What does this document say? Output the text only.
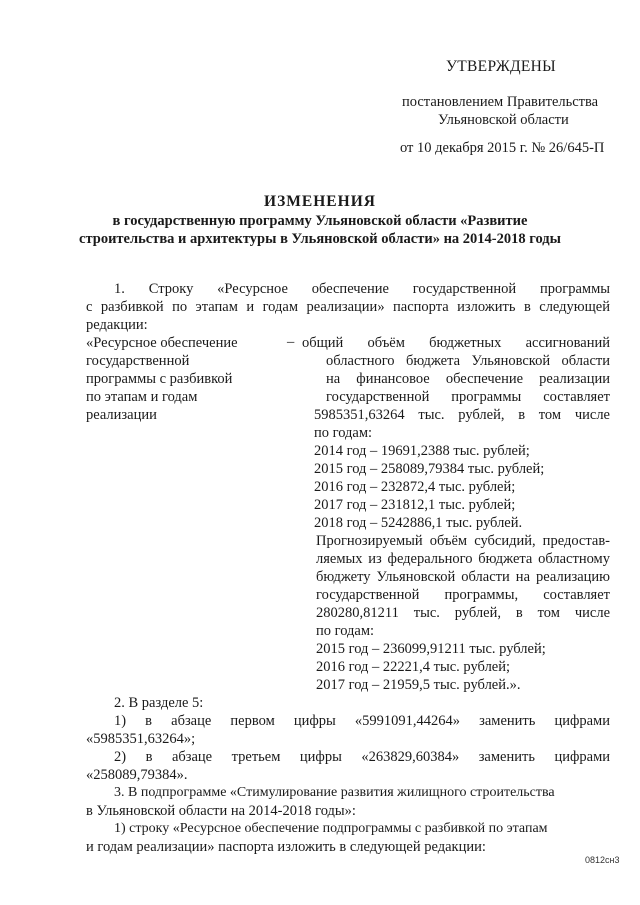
УТВЕРЖДЕНЫ
постановлением Правительства
Ульяновской области
от 10 декабря 2015 г. № 26/645-П
ИЗМЕНЕНИЯ
в государственную программу Ульяновской области «Развитие
строительства и архитектуры в Ульяновской области» на 2014-2018 годы
1. Строку «Ресурсное обеспечение государственной программы
с разбивкой по этапам и годам реализации» паспорта изложить в следующей
редакции:
«Ресурсное обеспечение
государственной
программы с разбивкой
по этапам и годам
реализации
– общий объём бюджетных ассигнований
областного бюджета Ульяновской области
на финансовое обеспечение реализации
государственной программы составляет
5985351,63264 тыс. рублей, в том числе
по годам:
2014 год – 19691,2388 тыс. рублей;
2015 год – 258089,79384 тыс. рублей;
2016 год – 232872,4 тыс. рублей;
2017 год – 231812,1 тыс. рублей;
2018 год – 5242886,1 тыс. рублей.
Прогнозируемый объём субсидий, предостав-
ляемых из федерального бюджета областному
бюджету Ульяновской области на реализацию
государственной программы, составляет
280280,81211 тыс. рублей, в том числе
по годам:
2015 год – 236099,91211 тыс. рублей;
2016 год – 22221,4 тыс. рублей;
2017 год – 21959,5 тыс. рублей.».
2. В разделе 5:
1) в абзаце первом цифры «5991091,44264» заменить цифрами
«5985351,63264»;
2) в абзаце третьем цифры «263829,60384» заменить цифрами
«258089,79384».
3. В подпрограмме «Стимулирование развития жилищного строительства
в Ульяновской области на 2014-2018 годы»:
1) строку «Ресурсное обеспечение подпрограммы с разбивкой по этапам
и годам реализации» паспорта изложить в следующей редакции:
0812сн3
